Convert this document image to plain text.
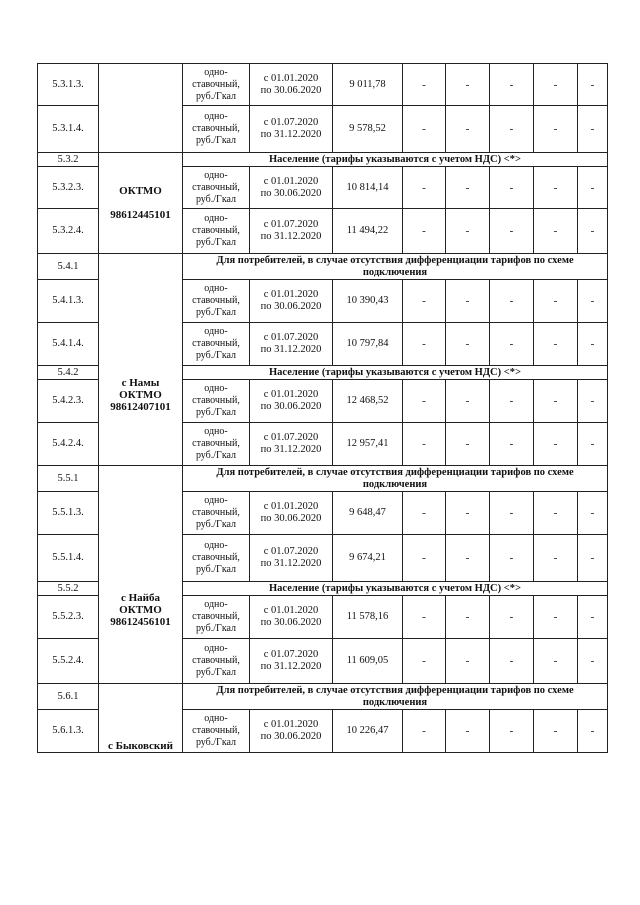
5.3.1.3.		одно-
ставочный,
руб./Гкал	с 01.01.2020
по 30.06.2020	9 011,78	-	-	-	-	-
5.3.1.4.		одно-
ставочный,
руб./Гкал	с 01.07.2020
по 31.12.2020	9 578,52	-	-	-	-	-
5.3.2	ОКТМО

98612445101	Население (тарифы указываются с учетом НДС) <*>							
5.3.2.3.		одно-
ставочный,
руб./Гкал	с 01.01.2020
по 30.06.2020	10 814,14	-	-	-	-	-
5.3.2.4.		одно-
ставочный,
руб./Гкал	с 01.07.2020
по 31.12.2020	11 494,22	-	-	-	-	-
5.4.1	с Намы
ОКТМО
98612407101	Для потребителей, в случае отсутствия дифференциации тарифов по схеме подключения							
5.4.1.3.		одно-
ставочный,
руб./Гкал	с 01.01.2020
по 30.06.2020	10 390,43	-	-	-	-	-
5.4.1.4.		одно-
ставочный,
руб./Гкал	с 01.07.2020
по 31.12.2020	10 797,84	-	-	-	-	-
5.4.2		Население (тарифы указываются с учетом НДС) <*>							
5.4.2.3.		одно-
ставочный,
руб./Гкал	с 01.01.2020
по 30.06.2020	12 468,52	-	-	-	-	-
5.4.2.4.		одно-
ставочный,
руб./Гкал	с 01.07.2020
по 31.12.2020	12 957,41	-	-	-	-	-
5.5.1	с Найба
ОКТМО
98612456101	Для потребителей, в случае отсутствия дифференциации тарифов по схеме подключения							
5.5.1.3.		одно-
ставочный,
руб./Гкал	с 01.01.2020
по 30.06.2020	9 648,47	-	-	-	-	-
5.5.1.4.		одно-
ставочный,
руб./Гкал	с 01.07.2020
по 31.12.2020	9 674,21	-	-	-	-	-
5.5.2		Население (тарифы указываются с учетом НДС) <*>							
5.5.2.3.		одно-
ставочный,
руб./Гкал	с 01.01.2020
по 30.06.2020	11 578,16	-	-	-	-	-
5.5.2.4.		одно-
ставочный,
руб./Гкал	с 01.07.2020
по 31.12.2020	11 609,05	-	-	-	-	-
5.6.1	с Быковский	Для потребителей, в случае отсутствия дифференциации тарифов по схеме подключения							
5.6.1.3.		одно-
ставочный,
руб./Гкал	с 01.01.2020
по 30.06.2020	10 226,47	-	-	-	-	-
